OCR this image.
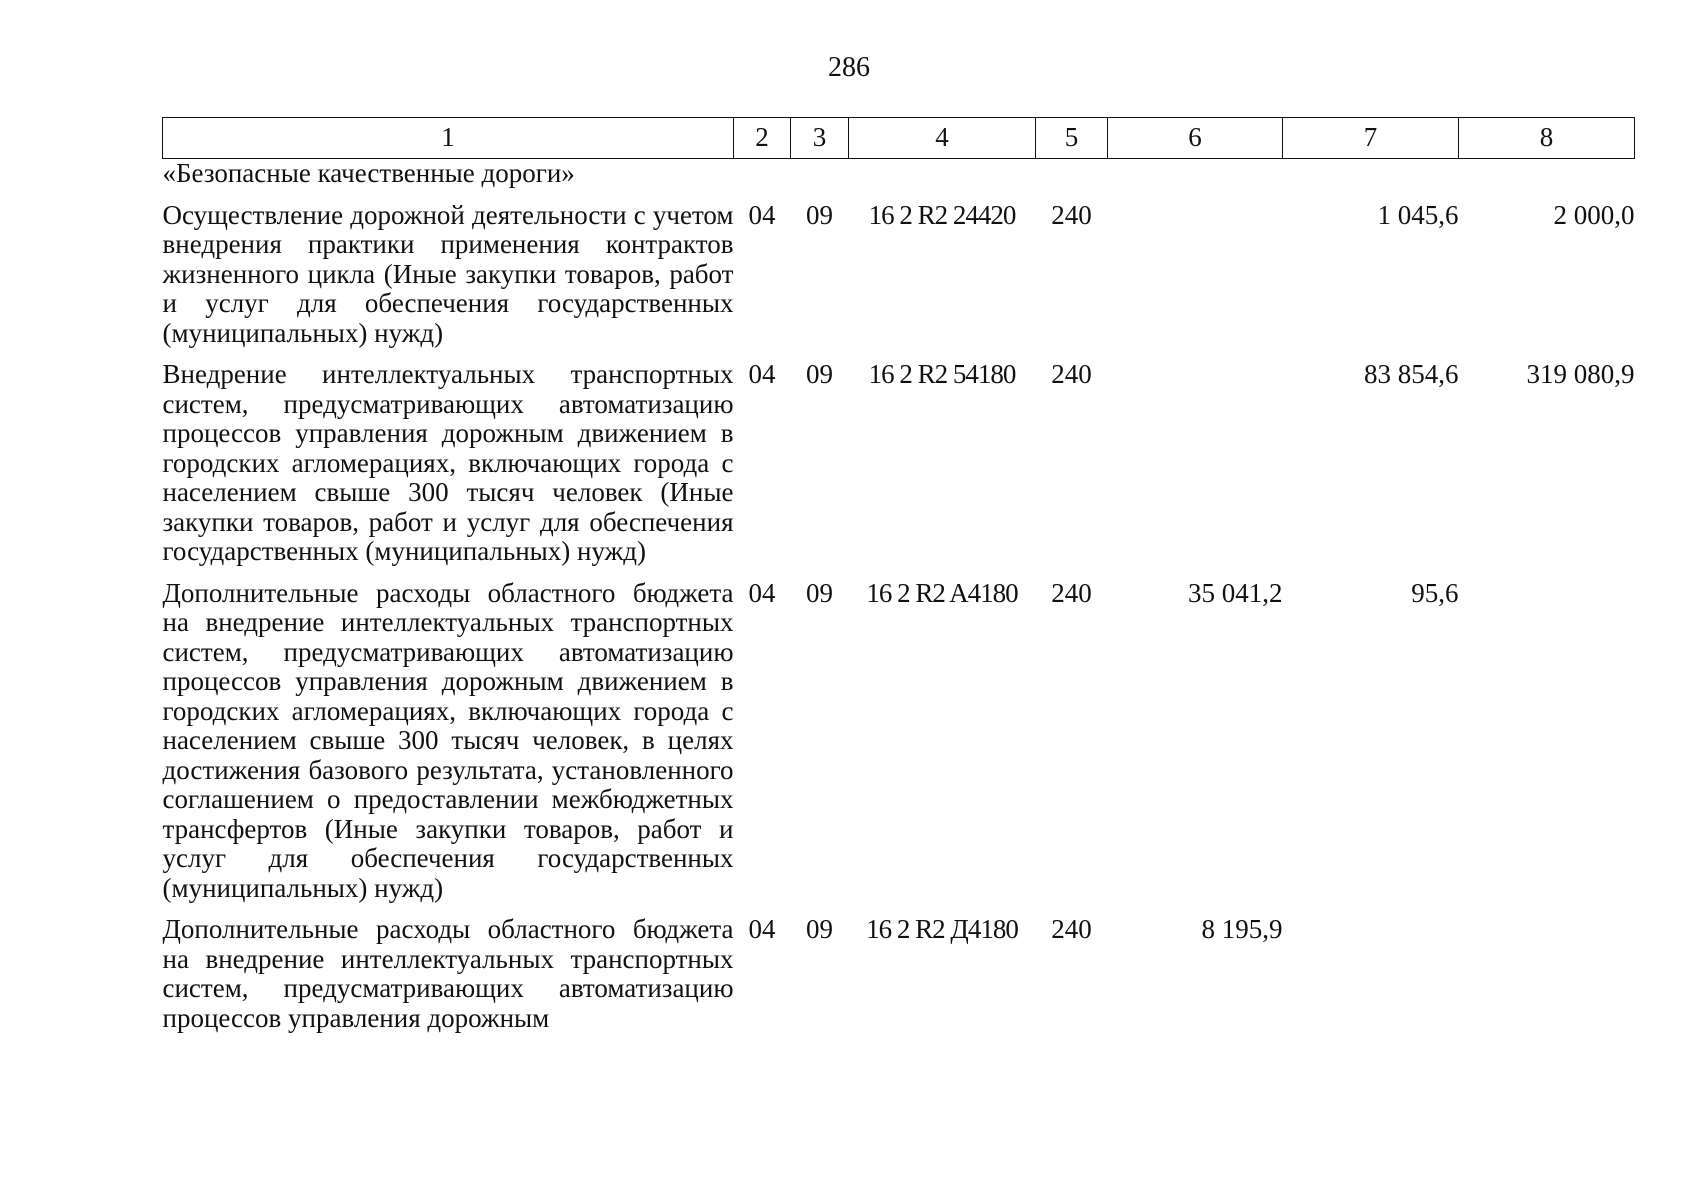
286
1	2	3	4	5	6	7	8
«Безопасные качественные дороги»							
Осуществление дорожной деятельности с учетом внедрения практики применения контрактов жизненного цикла (Иные закупки товаров, работ и услуг для обеспечения государственных (муниципальных) нужд)	04	09	16 2 R2 24420	240		1 045,6	2 000,0
Внедрение интеллектуальных транспортных систем, предусматривающих автоматизацию процессов управления дорожным движением в городских агломерациях, включающих города с населением свыше 300 тысяч человек (Иные закупки товаров, работ и услуг для обеспечения государственных (муниципальных) нужд)	04	09	16 2 R2 54180	240		83 854,6	319 080,9
Дополнительные расходы областного бюджета на внедрение интеллектуальных транспортных систем, предусматривающих автоматизацию процессов управления дорожным движением в городских агломерациях, включающих города с населением свыше 300 тысяч человек, в целях достижения базового результата, установленного соглашением о предоставлении межбюджетных трансфертов (Иные закупки товаров, работ и услуг для обеспечения государственных (муниципальных) нужд)	04	09	16 2 R2 A4180	240	35 041,2	95,6	
Дополнительные расходы областного бюджета на внедрение интеллектуальных транспортных систем, предусматривающих автоматизацию процессов управления дорожным	04	09	16 2 R2 Д4180	240	8 195,9		
